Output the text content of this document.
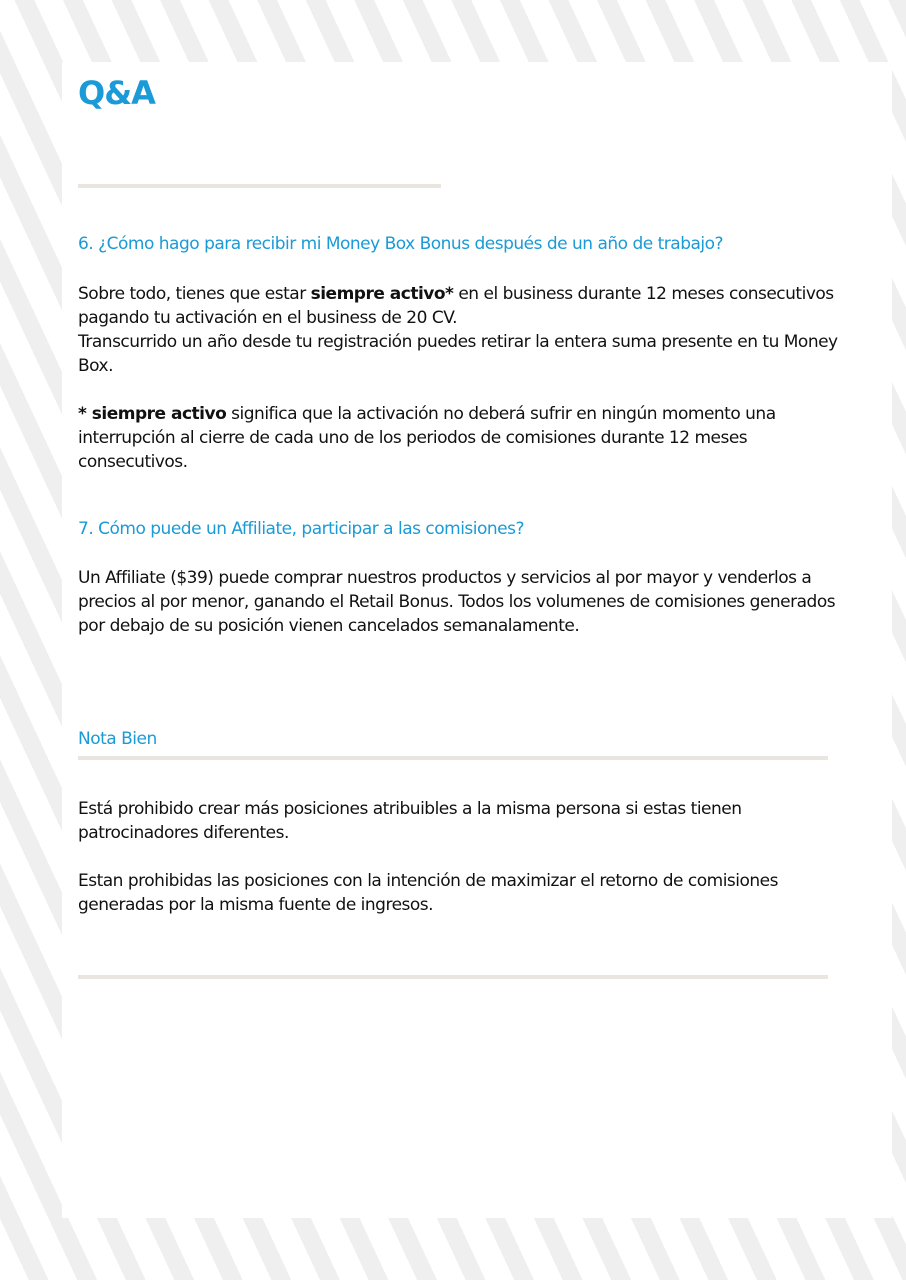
Q&A
6. ¿Cómo hago para recibir mi Money Box Bonus después de un año de trabajo?

Sobre todo, tienes que estar siempre activo* en el business durante 12 meses consecutivos pagando tu activación en el business de 20 CV.

Transcurrido un año desde tu registración puedes retirar la entera suma presente en tu Money Box.

* siempre activo significa que la activación no deberá sufrir en ningún momento una interrupción al cierre de cada uno de los periodos de comisiones durante 12 meses consecutivos.

7. Cómo puede un Affiliate, participar a las comisiones?
Un Affiliate ($39) puede comprar nuestros productos y servicios al por mayor y venderlos a precios al por menor, ganando el Retail Bonus. Todos los volumenes de comisiones generados por debajo de su posición vienen cancelados semanalamente.
Nota Bien

Está prohibido crear más posiciones atribuibles a la misma persona si estas tienen patrocinadores diferentes.

Estan prohibidas las posiciones con la intención de maximizar el retorno de comisiones generadas por la misma fuente de ingresos.
